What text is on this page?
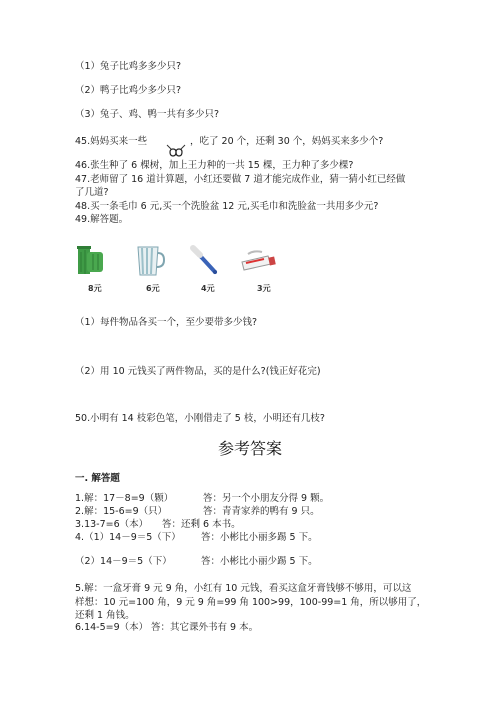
（1）兔子比鸡多多少只?
（2）鸭子比鸡少多少只?
（3）兔子、鸡、鸭一共有多少只?
45.妈妈买来一些	，吃了 20 个，还剩 30 个，妈妈买来多少个?
46.张生种了 6 棵树，加上王力种的一共 15 棵，王力种了多少棵?
47.老师留了 16 道计算题，小红还要做 7 道才能完成作业，猜一猜小红已经做
了几道?
48.买一条毛巾 6 元,买一个洗脸盆 12 元,买毛巾和洗脸盆一共用多少元?
49.解答题。
8元	6元	4元	3元
（1）每件物品各买一个，至少要带多少钱?
（2）用 10 元钱买了两件物品，买的是什么?(钱正好花完)
50.小明有 14 枝彩色笔，小刚借走了 5 枝，小明还有几枝?
参考答案
一. 解答题
1.解：17－8=9（颗）	答：另一个小朋友分得 9 颗。
2.解：15-6=9（只）	答：青青家养的鸭有 9 只。
3.13-7=6（本） 答：还剩 6 本书。
4.（1）14－9＝5（下） 答：小彬比小丽多踢 5 下。
（2）14－9＝5（下）	答：小彬比小丽少踢 5 下。
5.解：一盒牙膏 9 元 9 角，小红有 10 元钱，看买这盒牙膏钱够不够用，可以这
样想：10 元=100 角，9 元 9 角=99 角 100>99，100-99=1 角，所以够用了，
还剩 1 角钱。
6.14-5=9（本） 答：其它课外书有 9 本。
